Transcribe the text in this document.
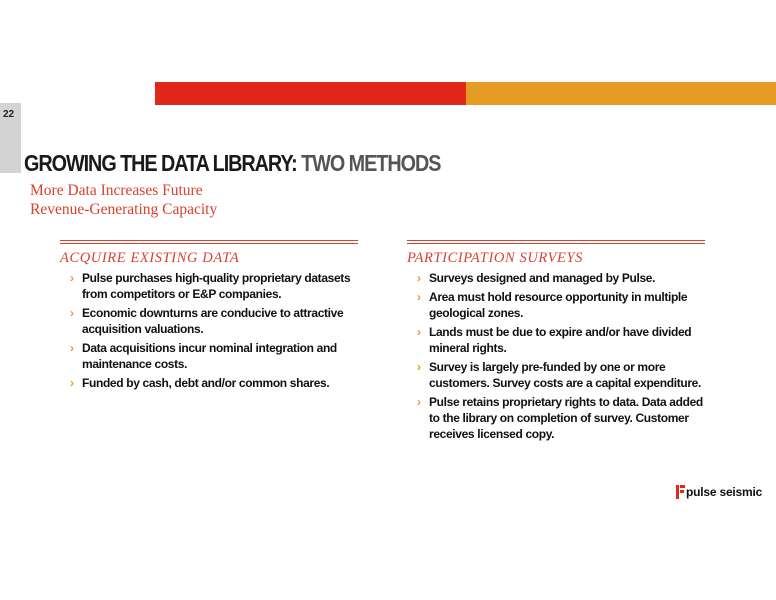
22
GROWING THE DATA LIBRARY: TWO METHODS
More Data Increases Future
Revenue-Generating Capacity
ACQUIRE EXISTING DATA
› Pulse purchases high-quality proprietary datasets from competitors or E&P companies.
› Economic downturns are conducive to attractive acquisition valuations.
› Data acquisitions incur nominal integration and maintenance costs.
› Funded by cash, debt and/or common shares.
PARTICIPATION SURVEYS
› Surveys designed and managed by Pulse.
› Area must hold resource opportunity in multiple geological zones.
› Lands must be due to expire and/or have divided mineral rights.
› Survey is largely pre-funded by one or more customers. Survey costs are a capital expenditure.
› Pulse retains proprietary rights to data. Data added to the library on completion of survey. Customer receives licensed copy.
pulse seismic
